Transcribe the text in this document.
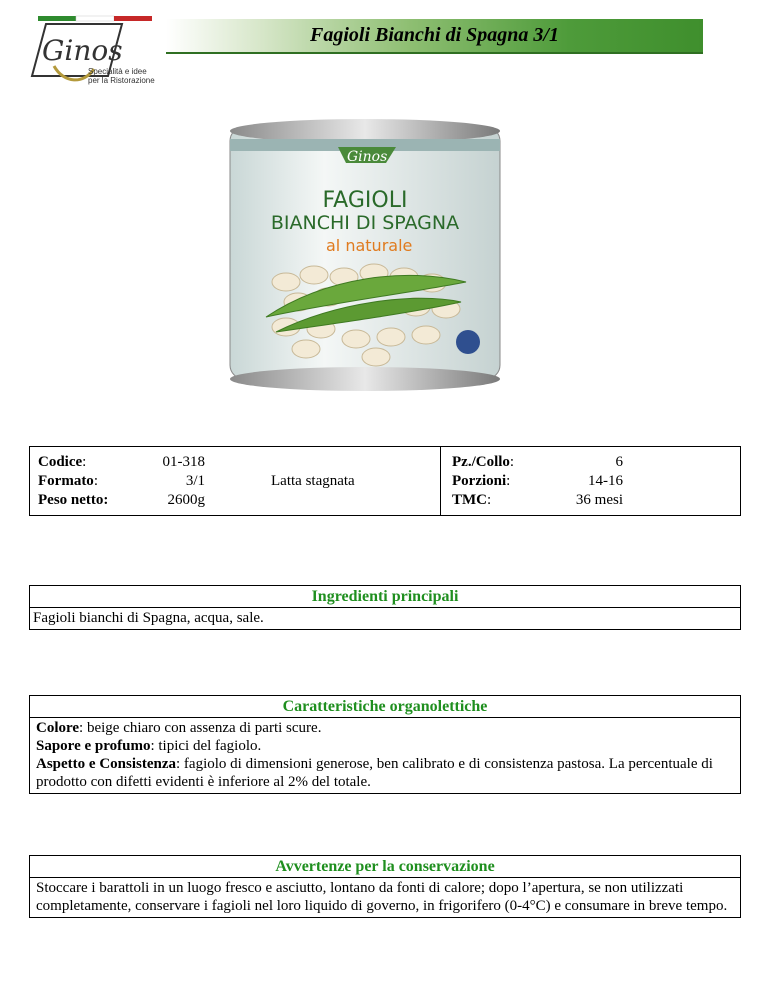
Ginos
Specialità e idee
per la Ristorazione
Fagioli Bianchi di Spagna 3/1
Ginos
FAGIOLI
BIANCHI DI SPAGNA
al naturale
Codice:
Formato:
Peso netto:
01-318
3/1
2600g
Latta stagnata
Pz./Collo:
Porzioni:
TMC:
6
14-16
36 mesi
Ingredienti principali
Fagioli bianchi di Spagna, acqua, sale.
Caratteristiche organolettiche
Colore: beige chiaro con assenza di parti scure.
Sapore e profumo: tipici del fagiolo.
Aspetto e Consistenza: fagiolo di dimensioni generose, ben calibrato e di consistenza pastosa. La percentuale di prodotto con difetti evidenti è inferiore al 2% del totale.
Avvertenze per la conservazione
Stoccare i barattoli in un luogo fresco e asciutto, lontano da fonti di calore; dopo l’apertura, se non utilizzati completamente, conservare i fagioli nel loro liquido di governo, in frigorifero (0-4°C) e consumare in breve tempo.
